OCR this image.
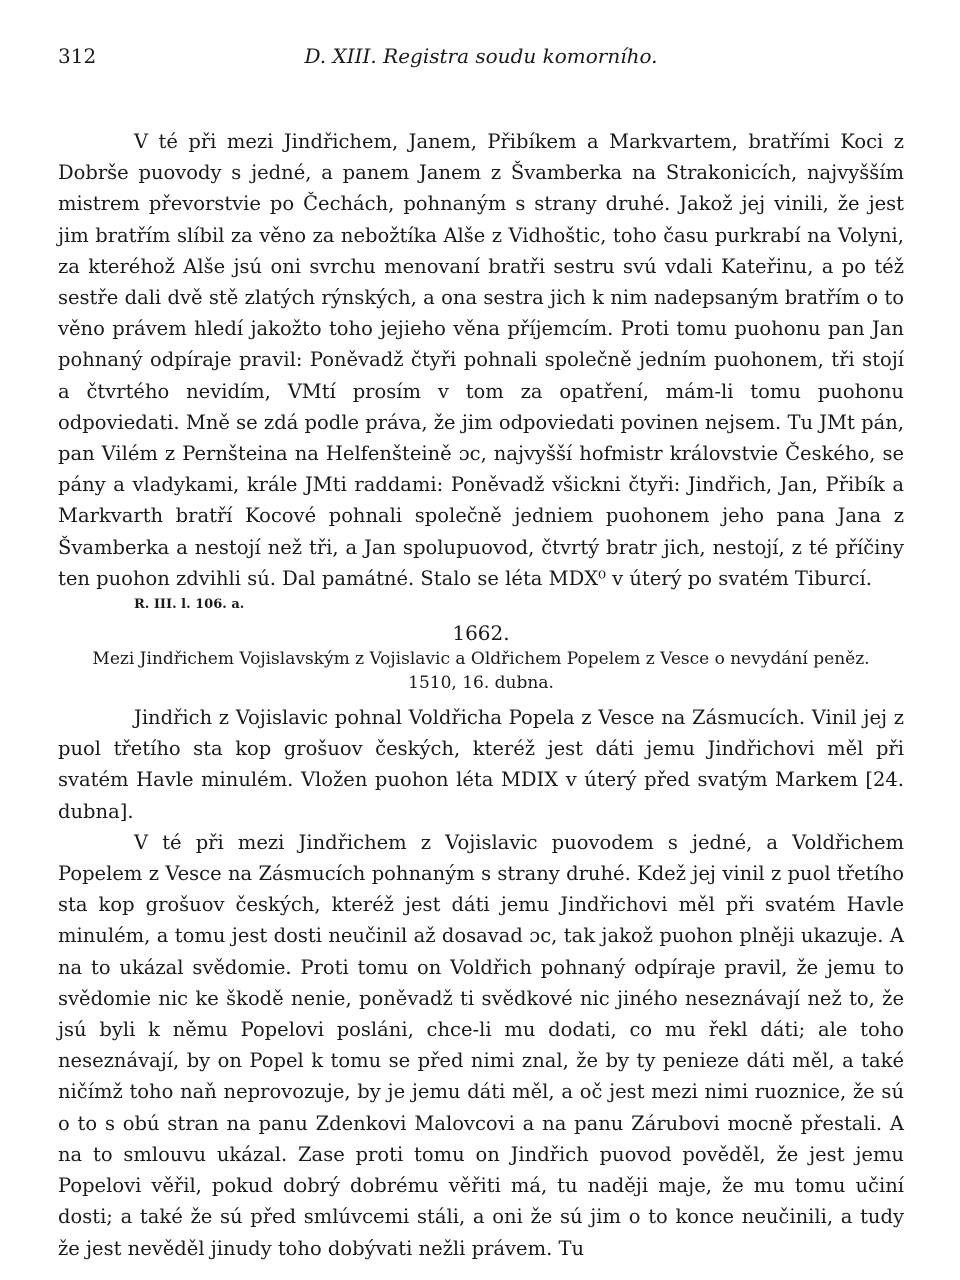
312	D. XIII. Registra soudu komorního.

V té při mezi Jindřichem, Janem, Přibíkem a Markvartem, bratřími Koci z Dobrše puovody s jedné, a panem Janem z Švamberka na Strakonicích, najvyšším mistrem převorstvie po Čechách, pohnaným s strany druhé. Jakož jej vinili, že jest jim bratřím slíbil za věno za nebožtíka Alše z Vidhoštic, toho času purkrabí na Volyni, za kteréhož Alše jsú oni svrchu menovaní bratři sestru svú vdali Kateřinu, a po též sestře dali dvě stě zlatých rýnských, a ona sestra jich k nim nadepsaným bratřím o to věno právem hledí jakožto toho jejieho věna příjemcím. Proti tomu puohonu pan Jan pohnaný odpíraje pravil: Poněvadž čtyři pohnali společně jedním puohonem, tři stojí a čtvrtého nevidím, VMtí prosím v tom za opatření, mám-li tomu puohonu odpoviedati. Mně se zdá podle práva, že jim odpoviedati povinen nejsem. Tu JMt pán, pan Vilém z Pernšteina na Helfenšteině ɔc, najvyšší hofmistr královstvie Českého, se pány a vladykami, krále JMti raddami: Poněvadž všickni čtyři: Jindřich, Jan, Přibík a Markvarth bratří Kocové pohnali společně jedniem puohonem jeho pana Jana z Švamberka a nestojí než tři, a Jan spolupuovod, čtvrtý bratr jich, nestojí, z té příčiny ten puohon zdvihli sú. Dal památné. Stalo se léta MDX⁰ v úterý po svatém Tiburcí.

R. III. l. 106. a.

1662.

Mezi Jindřichem Vojislavským z Vojislavic a Oldřichem Popelem z Vesce o nevydání peněz.

1510, 16. dubna.

Jindřich z Vojislavic pohnal Voldřicha Popela z Vesce na Zásmucích. Vinil jej z puol třetího sta kop grošuov českých, kteréž jest dáti jemu Jindřichovi měl při svatém Havle minulém. Vložen puohon léta MDIX v úterý před svatým Markem [24. dubna].

V té při mezi Jindřichem z Vojislavic puovodem s jedné, a Voldřichem Popelem z Vesce na Zásmucích pohnaným s strany druhé. Kdež jej vinil z puol třetího sta kop grošuov českých, kteréž jest dáti jemu Jindřichovi měl při svatém Havle minulém, a tomu jest dosti neučinil až dosavad ɔc, tak jakož puohon plněji ukazuje. A na to ukázal svědomie. Proti tomu on Voldřich pohnaný odpíraje pravil, že jemu to svědomie nic ke škodě nenie, poněvadž ti svědkové nic jiného neseznávají než to, že jsú byli k němu Popelovi posláni, chce-li mu dodati, co mu řekl dáti; ale toho neseznávají, by on Popel k tomu se před nimi znal, že by ty penieze dáti měl, a také ničímž toho naň neprovozuje, by je jemu dáti měl, a oč jest mezi nimi ruoznice, že sú o to s obú stran na panu Zdenkovi Malovcovi a na panu Zárubovi mocně přestali. A na to smlouvu ukázal. Zase proti tomu on Jindřich puovod pověděl, že jest jemu Popelovi věřil, pokud dobrý dobrému věřiti má, tu naději maje, že mu tomu učiní dosti; a také že sú před smlúvcemi stáli, a oni že sú jim o to konce neučinili, a tudy že jest nevěděl jinudy toho dobývati nežli právem. Tu
